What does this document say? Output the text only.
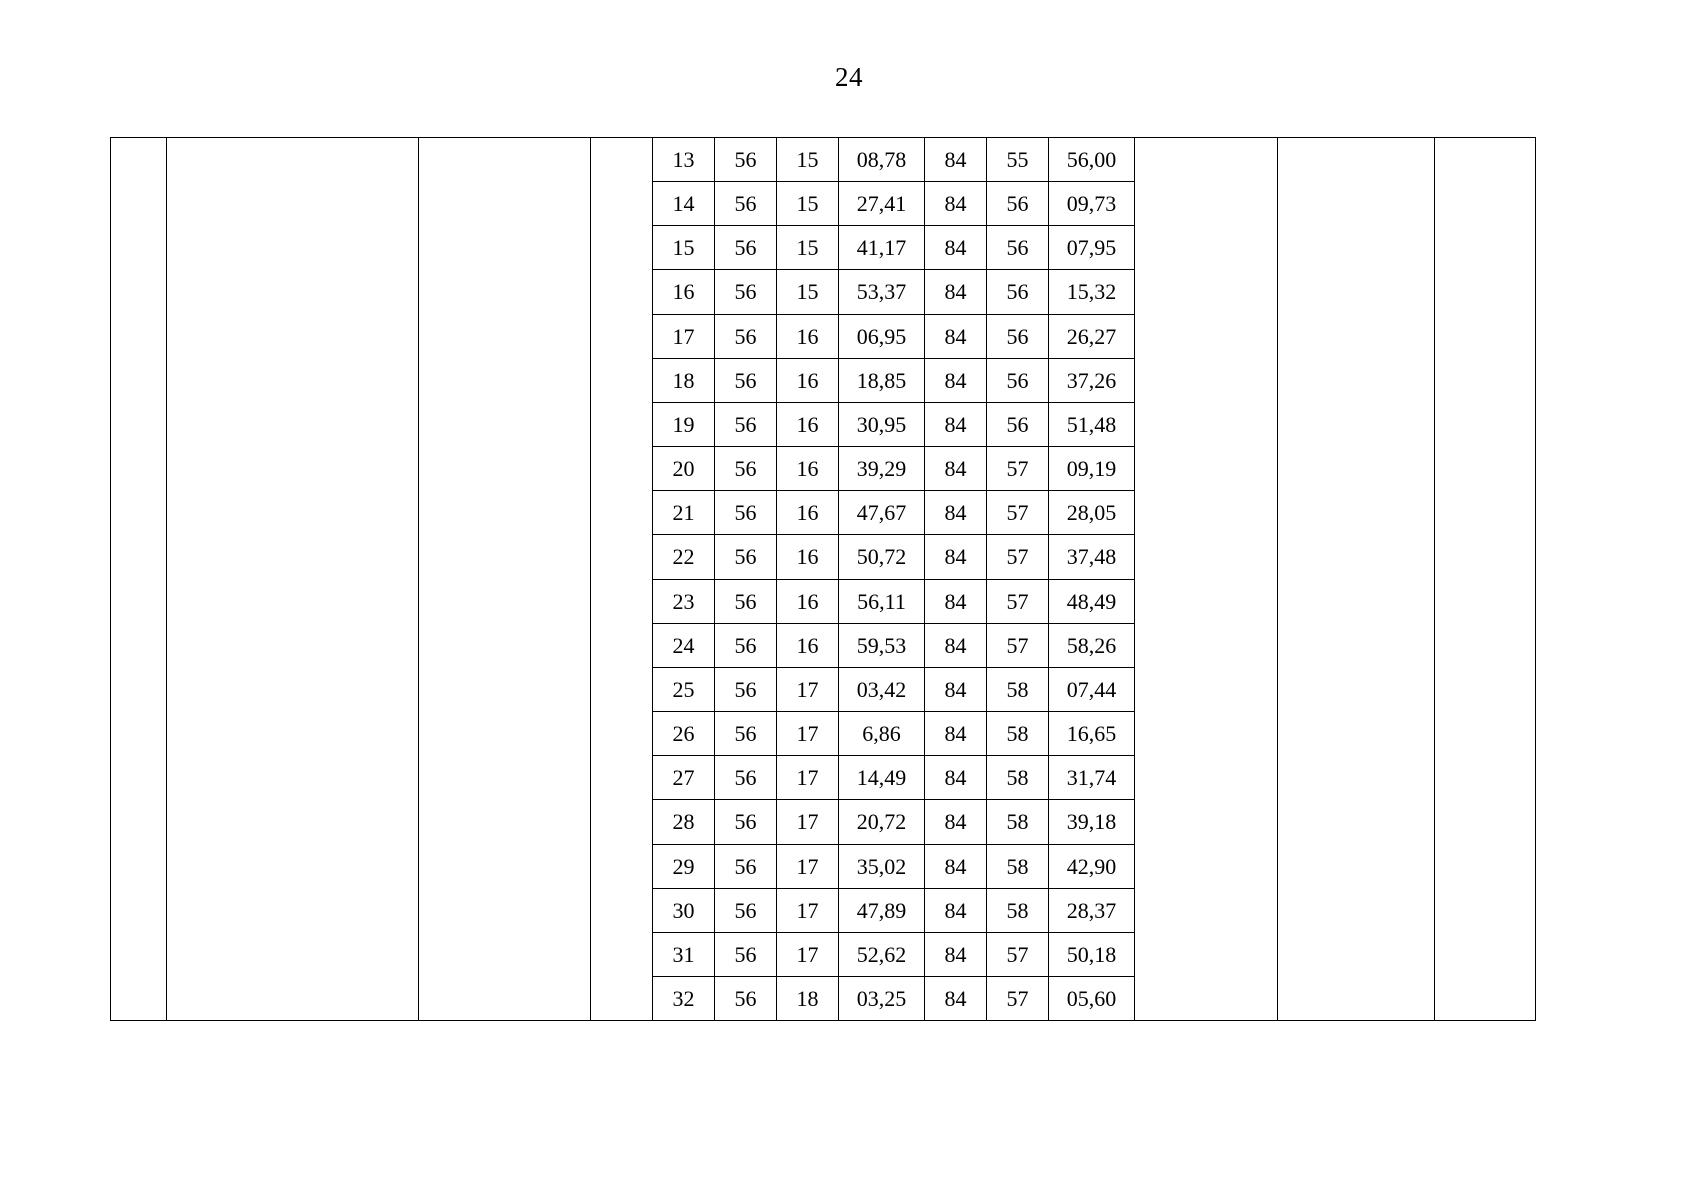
24
				13	56	15	08,78	84	55	56,00			
				14	56	15	27,41	84	56	09,73			
				15	56	15	41,17	84	56	07,95			
				16	56	15	53,37	84	56	15,32			
				17	56	16	06,95	84	56	26,27			
				18	56	16	18,85	84	56	37,26			
				19	56	16	30,95	84	56	51,48			
				20	56	16	39,29	84	57	09,19			
				21	56	16	47,67	84	57	28,05			
				22	56	16	50,72	84	57	37,48			
				23	56	16	56,11	84	57	48,49			
				24	56	16	59,53	84	57	58,26			
				25	56	17	03,42	84	58	07,44			
				26	56	17	6,86	84	58	16,65			
				27	56	17	14,49	84	58	31,74			
				28	56	17	20,72	84	58	39,18			
				29	56	17	35,02	84	58	42,90			
				30	56	17	47,89	84	58	28,37			
				31	56	17	52,62	84	57	50,18			
				32	56	18	03,25	84	57	05,60			
